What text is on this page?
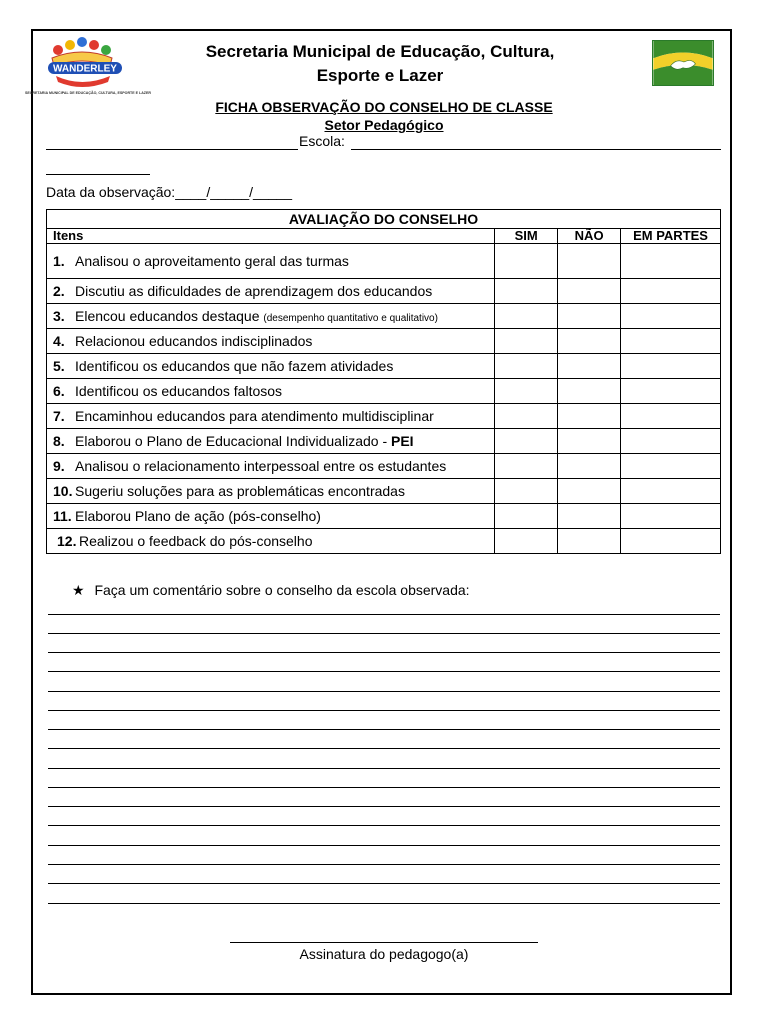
WANDERLEY
SECRETARIA MUNICIPAL DE EDUCAÇÃO, CULTURA, ESPORTE E LAZER
Secretaria Municipal de Educação, Cultura,
Esporte e Lazer
FICHA OBSERVAÇÃO DO CONSELHO DE CLASSE
Setor Pedagógico
Escola:
Data da observação:____/_____/_____
AVALIAÇÃO DO CONSELHO			
Itens	SIM	NÃO	EM PARTES
1. Analisou o aproveitamento geral das turmas			
2. Discutiu as dificuldades de aprendizagem dos educandos			
3. Elencou educandos destaque (desempenho quantitativo e qualitativo)			
4. Relacionou educandos indisciplinados			
5. Identificou os educandos que não fazem atividades			
6. Identificou os educandos faltosos			
7. Encaminhou educandos para atendimento multidisciplinar			
8. Elaborou o Plano de Educacional Individualizado - PEI			
9. Analisou o relacionamento interpessoal entre os estudantes			
10. Sugeriu soluções para as problemáticas encontradas			
11. Elaborou Plano de ação (pós-conselho)			
12. Realizou o feedback do pós-conselho			
★ Faça um comentário sobre o conselho da escola observada:
Assinatura do pedagogo(a)
